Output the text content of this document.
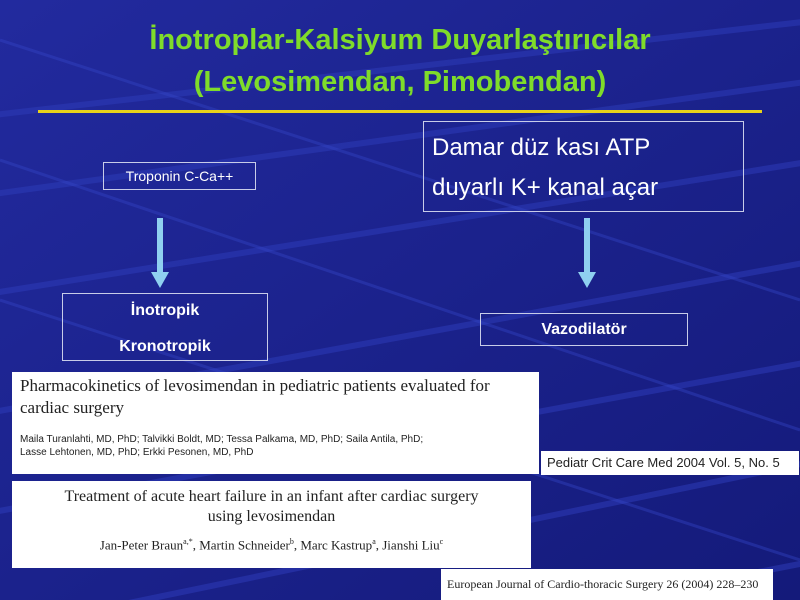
İnotroplar-Kalsiyum Duyarlaştırıcılar
(Levosimendan, Pimobendan)
Troponin C-Ca++
İnotropik
Kronotropik
Damar düz kası ATP
duyarlı K+ kanal açar
Vazodilatör
Pharmacokinetics of levosimendan in pediatric patients evaluated for cardiac surgery
Maila Turanlahti, MD, PhD; Talvikki Boldt, MD; Tessa Palkama, MD, PhD; Saila Antila, PhD;
Lasse Lehtonen, MD, PhD; Erkki Pesonen, MD, PhD
Pediatr Crit Care Med 2004 Vol. 5, No. 5
Treatment of acute heart failure in an infant after cardiac surgery
using levosimendan
Jan-Peter Braun$^{a,*}$, Martin Schneider$^b$, Marc Kastrup$^a$, Jianshi Liu$^c$
European Journal of Cardio-thoracic Surgery 26 (2004) 228–230
